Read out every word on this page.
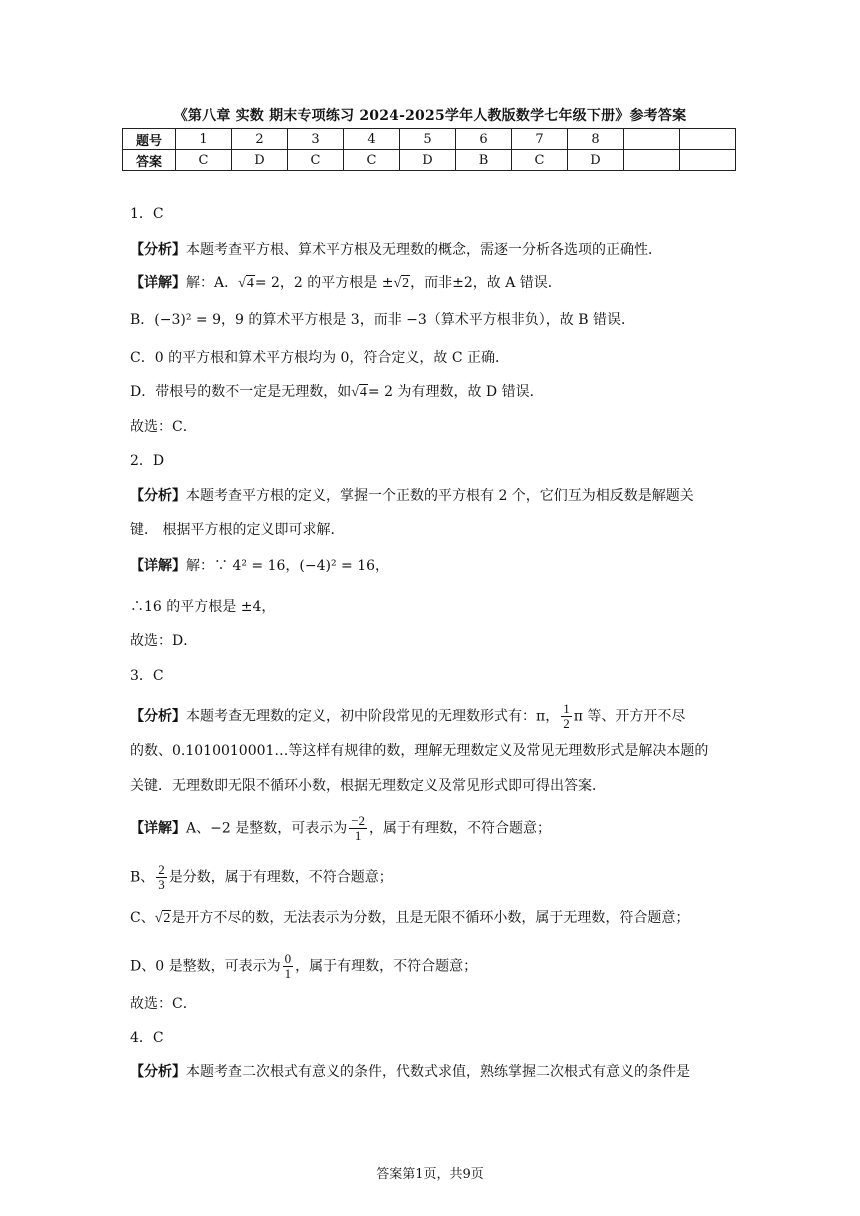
《第八章 实数 期末专项练习 2024-2025学年人教版数学七年级下册》参考答案
题号	1	2	3	4	5	6	7	8		
答案	C	D	C	C	D	B	C	D		
1．C
【分析】本题考查平方根、算术平方根及无理数的概念，需逐一分析各选项的正确性．
【详解】解：A．√4= 2，2 的平方根是 ±√2，而非±2，故 A 错误．
B．(−3)² = 9，9 的算术平方根是 3，而非 −3（算术平方根非负），故 B 错误．
C．0 的平方根和算术平方根均为 0，符合定义，故 C 正确．
D．带根号的数不一定是无理数，如√4= 2 为有理数，故 D 错误．
故选：C．
2．D
【分析】本题考查平方根的定义，掌握一个正数的平方根有 2 个，它们互为相反数是解题关
键． 根据平方根的定义即可求解．
【详解】解：∵ 4² = 16，(−4)² = 16，
∴16 的平方根是 ±4，
故选：D．
3．C
【分析】本题考查无理数的定义，初中阶段常见的无理数形式有：π， $\frac{1}{2}$ π 等、开方开不尽
的数、0.1010010001…等这样有规律的数，理解无理数定义及常见无理数形式是解决本题的
关键．无理数即无限不循环小数，根据无理数定义及常见形式即可得出答案．
【详解】A、−2 是整数，可表示为 $\frac{-2}{1}$ ，属于有理数，不符合题意；
B、 $\frac{2}{3}$ 是分数，属于有理数，不符合题意；
C、√2是开方不尽的数，无法表示为分数，且是无限不循环小数，属于无理数，符合题意；
D、0 是整数，可表示为 $\frac{0}{1}$ ，属于有理数，不符合题意；
故选：C．
4．C
【分析】本题考查二次根式有意义的条件，代数式求值，熟练掌握二次根式有意义的条件是
答案第1页，共9页
